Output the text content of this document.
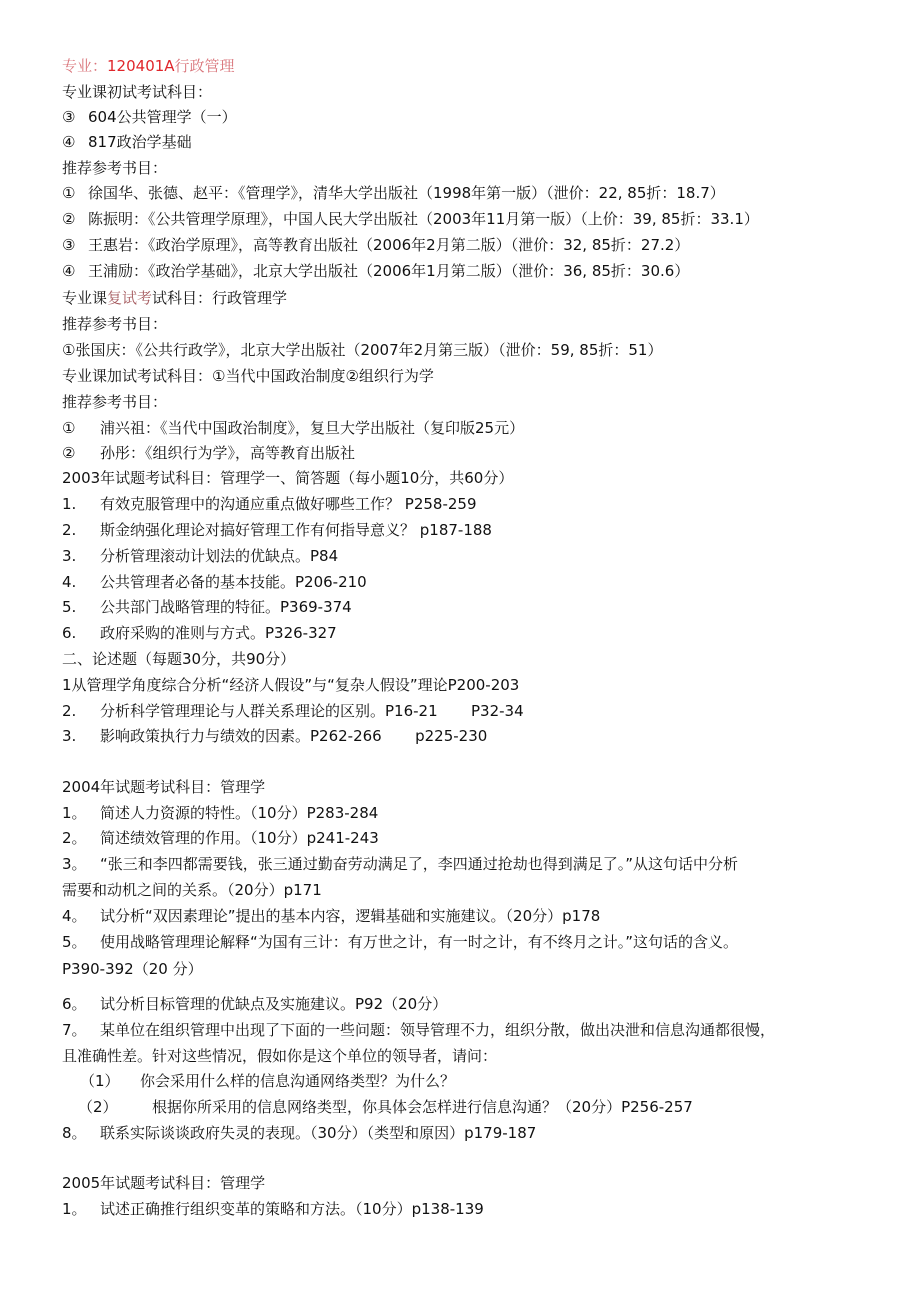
专业：120401A行政管理
专业课初试考试科目：
③ 604公共管理学（一）
④ 817政治学基础
推荐参考书目：
① 徐国华、张德、赵平：《管理学》，清华大学出版社（1998年第一版）（泄价：22, 85折：18.7）
② 陈振明：《公共管理学原理》，中国人民大学出版社（2003年11月第一版）（上价：39, 85折：33.1）
③ 王惠岩：《政治学原理》，高等教育出版社（2006年2月第二版）（泄价：32, 85折：27.2）
④ 王浦励：《政治学基础》，北京大学出版社（2006年1月第二版）（泄价：36, 85折：30.6）
专业课复试考试科目：行政管理学
推荐参考书目：
①张国庆：《公共行政学》，北京大学出版社（2007年2月第三版）（泄价：59, 85折：51）
专业课加试考试科目：①当代中国政治制度②组织行为学
推荐参考书目：
① 浦兴祖：《当代中国政治制度》，复旦大学出版社（复印版25元）
② 孙彤：《组织行为学》，高等教育出版社
2003年试题考试科目：管理学一、简答题（每小题10分，共60分）
1. 有效克服管理中的沟通应重点做好哪些工作？ P258-259
2. 斯金纳强化理论对搞好管理工作有何指导意义？ p187-188
3. 分析管理滚动计划法的优缺点。P84
4. 公共管理者必备的基本技能。P206-210
5. 公共部门战略管理的特征。P369-374
6. 政府采购的准则与方式。P326-327
二、论述题（每题30分，共90分）
1从管理学角度综合分析“经济人假设”与“复杂人假设”理论P200-203
2. 分析科学管理理论与人群关系理论的区别。P16-21       P32-34
3. 影响政策执行力与绩效的因素。P262-266       p225-230
2004年试题考试科目：管理学
1。 简述人力资源的特性。（10分）P283-284
2。 简述绩效管理的作用。（10分）p241-243
3。 “张三和李四都需要钱，张三通过勤奋劳动满足了，李四通过抢劫也得到满足了。”从这句话中分析
需要和动机之间的关系。（20分）p171
4。 试分析“双因素理论”提出的基本内容，逻辑基础和实施建议。（20分）p178
5。 使用战略管理理论解释“为国有三计：有万世之计，有一时之计，有不终月之计。”这句话的含义。
P390-392（20 分）
6。 试分析目标管理的优缺点及实施建议。P92（20分）
7。 某单位在组织管理中出现了下面的一些问题：领导管理不力，组织分散，做出决泄和信息沟通都很慢，
且准确性差。针对这些情况，假如你是这个单位的领导者，请问：
（1） 你会采用什么样的信息沟通网络类型？为什么？
（2） 根据你所采用的信息网络类型，你具体会怎样进行信息沟通？（20分）P256-257
8。 联系实际谈谈政府失灵的表现。（30分）（类型和原因）p179-187
2005年试题考试科目：管理学
1。 试述正确推行组织变革的策略和方法。（10分）p138-139
